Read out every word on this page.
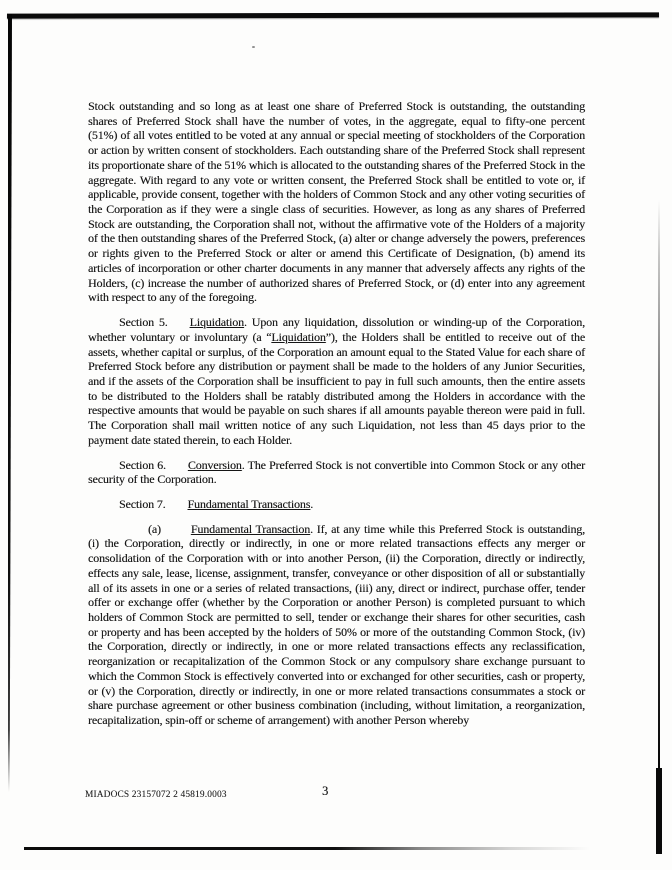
Stock outstanding and so long as at least one share of Preferred Stock is outstanding, the outstanding shares of Preferred Stock shall have the number of votes, in the aggregate, equal to fifty-one percent (51%) of all votes entitled to be voted at any annual or special meeting of stockholders of the Corporation or action by written consent of stockholders. Each outstanding share of the Preferred Stock shall represent its proportionate share of the 51% which is allocated to the outstanding shares of the Preferred Stock in the aggregate. With regard to any vote or written consent, the Preferred Stock shall be entitled to vote or, if applicable, provide consent, together with the holders of Common Stock and any other voting securities of the Corporation as if they were a single class of securities. However, as long as any shares of Preferred Stock are outstanding, the Corporation shall not, without the affirmative vote of the Holders of a majority of the then outstanding shares of the Preferred Stock, (a) alter or change adversely the powers, preferences or rights given to the Preferred Stock or alter or amend this Certificate of Designation, (b) amend its articles of incorporation or other charter documents in any manner that adversely affects any rights of the Holders, (c) increase the number of authorized shares of Preferred Stock, or (d) enter into any agreement with respect to any of the foregoing.

Section 5. Liquidation. Upon any liquidation, dissolution or winding-up of the Corporation, whether voluntary or involuntary (a “Liquidation”), the Holders shall be entitled to receive out of the assets, whether capital or surplus, of the Corporation an amount equal to the Stated Value for each share of Preferred Stock before any distribution or payment shall be made to the holders of any Junior Securities, and if the assets of the Corporation shall be insufficient to pay in full such amounts, then the entire assets to be distributed to the Holders shall be ratably distributed among the Holders in accordance with the respective amounts that would be payable on such shares if all amounts payable thereon were paid in full. The Corporation shall mail written notice of any such Liquidation, not less than 45 days prior to the payment date stated therein, to each Holder.

Section 6. Conversion. The Preferred Stock is not convertible into Common Stock or any other security of the Corporation.

Section 7. Fundamental Transactions.

(a)	Fundamental Transaction. If, at any time while this Preferred Stock is outstanding, (i) the Corporation, directly or indirectly, in one or more related transactions effects any merger or consolidation of the Corporation with or into another Person, (ii) the Corporation, directly or indirectly, effects any sale, lease, license, assignment, transfer, conveyance or other disposition of all or substantially all of its assets in one or a series of related transactions, (iii) any, direct or indirect, purchase offer, tender offer or exchange offer (whether by the Corporation or another Person) is completed pursuant to which holders of Common Stock are permitted to sell, tender or exchange their shares for other securities, cash or property and has been accepted by the holders of 50% or more of the outstanding Common Stock, (iv) the Corporation, directly or indirectly, in one or more related transactions effects any reclassification, reorganization or recapitalization of the Common Stock or any compulsory share exchange pursuant to which the Common Stock is effectively converted into or exchanged for other securities, cash or property, or (v) the Corporation, directly or indirectly, in one or more related transactions consummates a stock or share purchase agreement or other business combination (including, without limitation, a reorganization, recapitalization, spin-off or scheme of arrangement) with another Person whereby

MIADOCS 23157072 2 45819.0003	3
